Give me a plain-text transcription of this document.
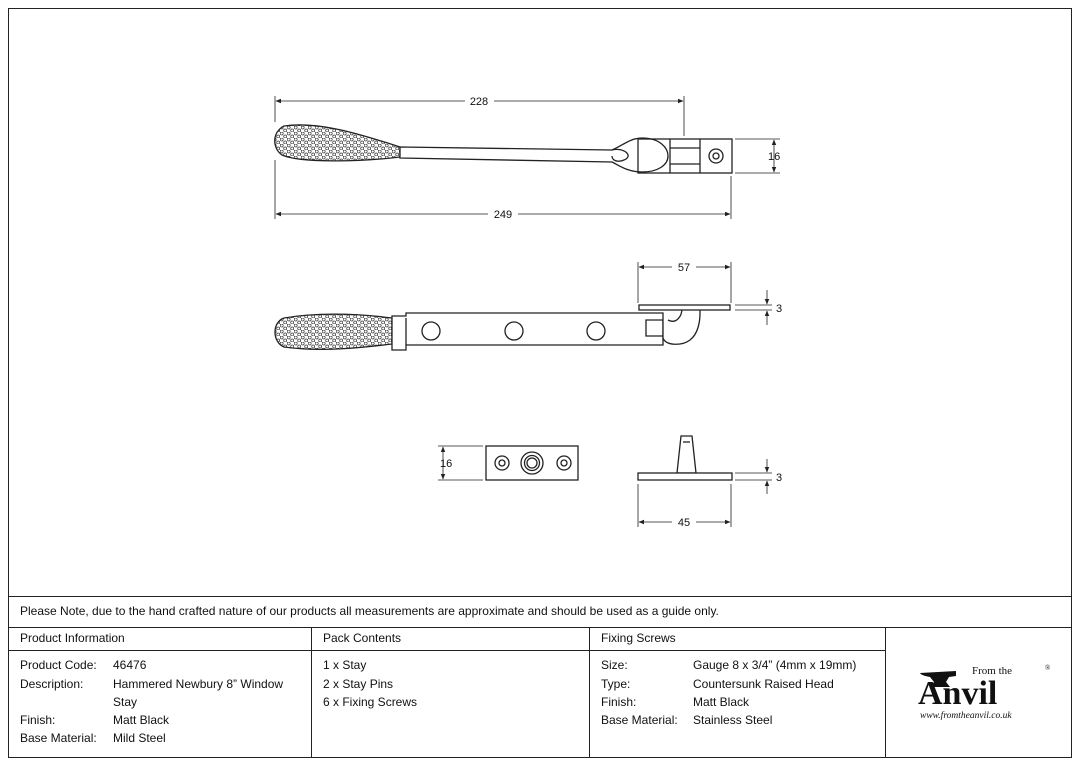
228
249
16
57
3
16
3
45
Please Note, due to the hand crafted nature of our products all measurements are approximate and should be used as a guide only.
Product Information	Pack Contents	Fixing Screws
Product Code: 46476
Description: Hammered Newbury 8” Window
Stay
Finish:	Matt Black
Base Material: Mild Steel
1 x Stay
2 x Stay Pins
6 x Fixing Screws
Size:	Gauge 8 x 3/4” (4mm x 19mm)
Type:	Countersunk Raised Head
Finish:	Matt Black
Base Material: Stainless Steel
From the	®
Anvil
www.fromtheanvil.co.uk
